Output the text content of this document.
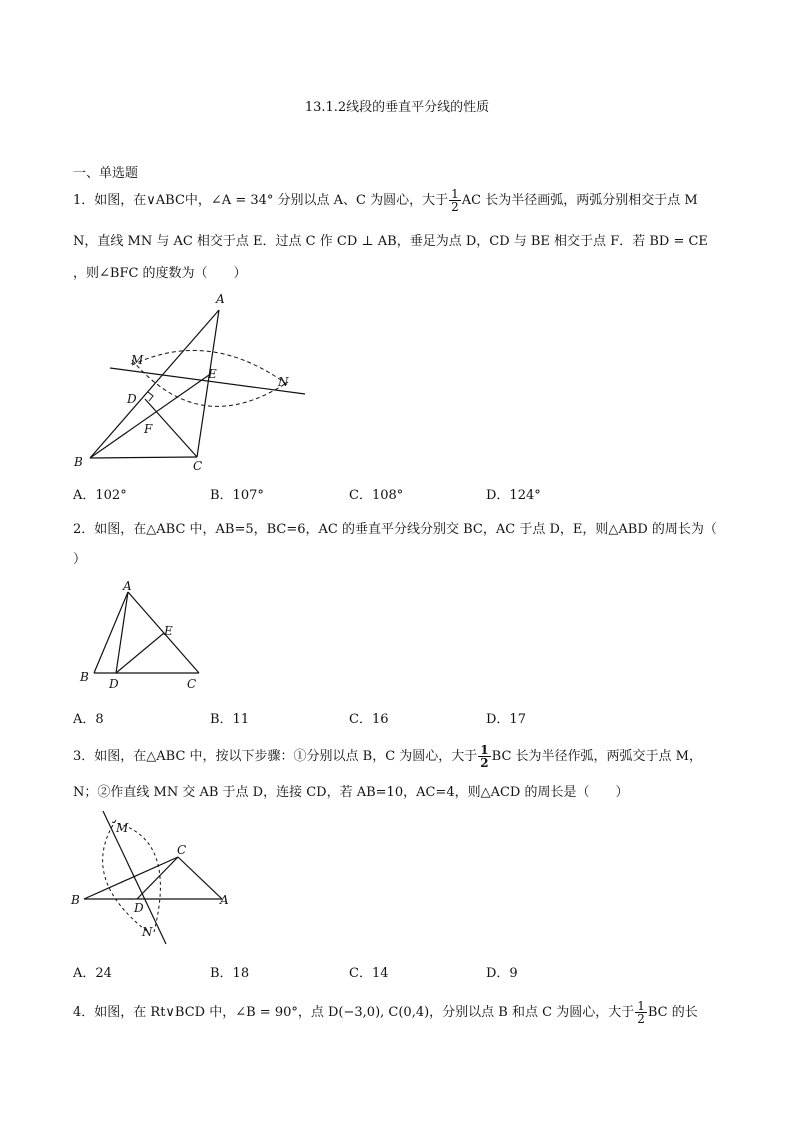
13.1.2线段的垂直平分线的性质
一、单选题
1．如图，在∨ABC中，∠A = 34° 分别以点 A、C 为圆心，大于 $\frac{1}{2}$ AC 长为半径画弧，两弧分别相交于点 M
N，直线 MN 与 AC 相交于点 E．过点 C 作 CD ⊥ AB，垂足为点 D，CD 与 BE 相交于点 F．若 BD = CE
，则∠BFC 的度数为（　　）
A
M
E
N
D
F
B	C
A．102°	B．107°	C．108°	D．124°
2．如图，在△ABC 中，AB=5，BC=6，AC 的垂直平分线分别交 BC，AC 于点 D，E，则△ABD 的周长为（
）
A
E
B D	C
A．8	B．11	C．16	D．17
3．如图，在△ABC 中，按以下步骤：①分别以点 B，C 为圆心，大于 $\frac{1}{2}$ BC 长为半径作弧，两弧交于点 M，
N；②作直线 MN 交 AB 于点 D，连接 CD，若 AB=10，AC=4，则△ACD 的周长是（　　）
M
C
B
D
A
N
A．24	B．18	C．14	D．9
4．如图，在 Rt∨BCD 中，∠B = 90°，点 D(−3,0), C(0,4)，分别以点 B 和点 C 为圆心，大于 $\frac{1}{2}$ BC 的长
